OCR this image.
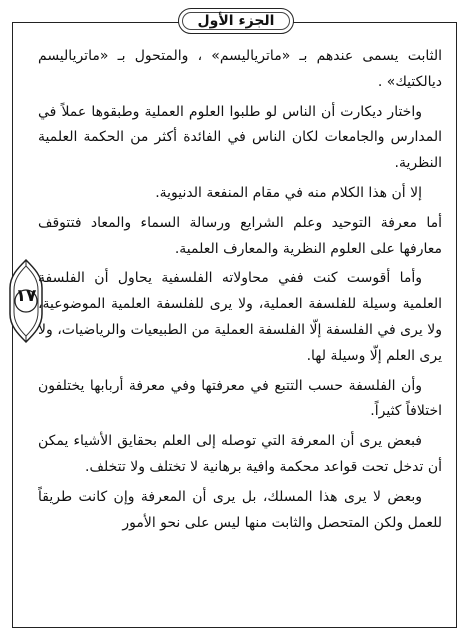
الجزء الأول
١٧

الثابت يسمى عندهم بـ «ماترياليسم» ، والمتحول بـ «ماترياليسم ديالكتيك» .

واختار ديكارت أن الناس لو طلبوا العلوم العملية وطبقوها عملاً في المدارس والجامعات لكان الناس في الفائدة أكثر من الحكمة العلمية النظرية.

إلا أن هذا الكلام منه في مقام المنفعة الدنيوية.

أما معرفة التوحيد وعلم الشرايع ورسالة السماء والمعاد فتتوقف معارفها على العلوم النظرية والمعارف العلمية.

وأما أقوست كنت ففي محاولاته الفلسفية يحاول أن الفلسفة العلمية وسيلة للفلسفة العملية، ولا يرى للفلسفة العلمية الموضوعية، ولا يرى في الفلسفة إلّا الفلسفة العملية من الطبيعيات والرياضيات، ولا يرى العلم إلّا وسيلة لها.

وأن الفلسفة حسب التتبع في معرفتها وفي معرفة أربابها يختلفون اختلافاً كثيراً.

فبعض يرى أن المعرفة التي توصله إلى العلم بحقايق الأشياء يمكن أن تدخل تحت قواعد محكمة وافية برهانية لا تختلف ولا تتخلف.

وبعض لا يرى هذا المسلك، بل يرى أن المعرفة وإن كانت طريقاً للعمل ولكن المتحصل والثابت منها ليس على نحو الأمور
